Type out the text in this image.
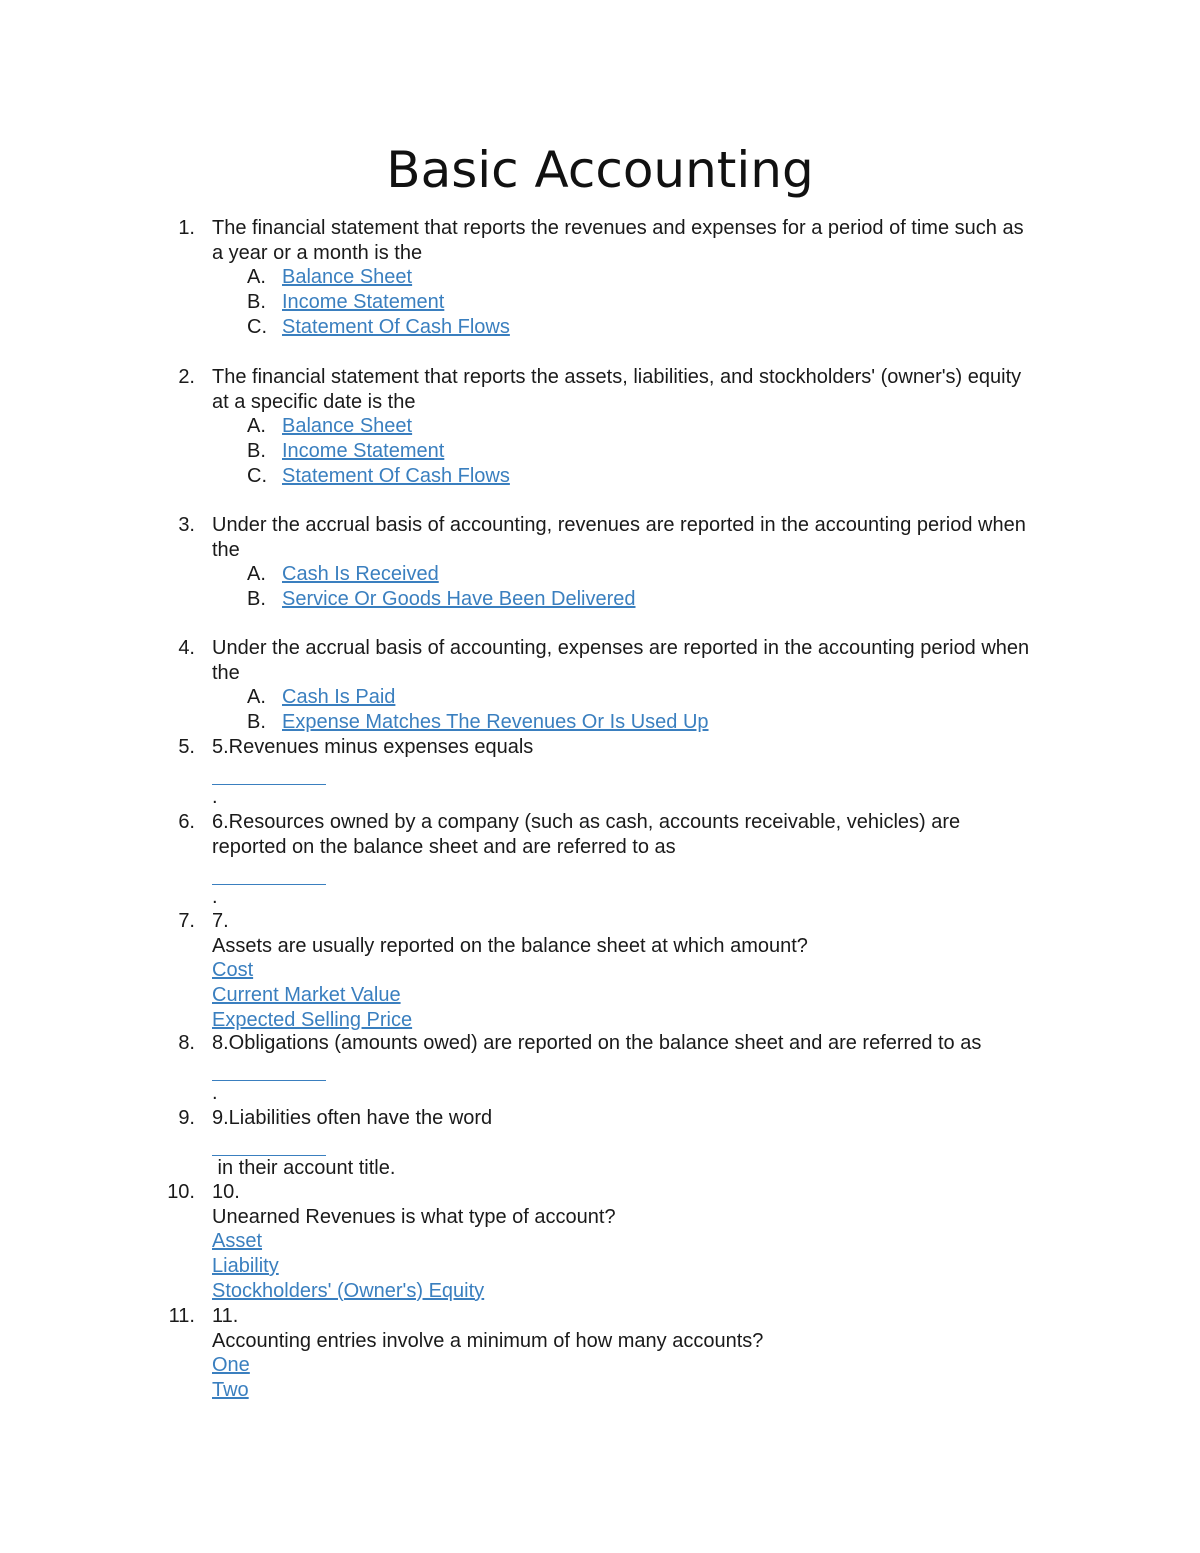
Basic Accounting
1. The financial statement that reports the revenues and expenses for a period of time such as
a year or a month is the
A. Balance Sheet
B. Income Statement
C. Statement Of Cash Flows
2. The financial statement that reports the assets, liabilities, and stockholders' (owner's) equity
at a specific date is the
A. Balance Sheet
B. Income Statement
C. Statement Of Cash Flows
3. Under the accrual basis of accounting, revenues are reported in the accounting period when
the
A. Cash Is Received
B. Service Or Goods Have Been Delivered
4. Under the accrual basis of accounting, expenses are reported in the accounting period when
the
A. Cash Is Paid
B. Expense Matches The Revenues Or Is Used Up
5. 5.Revenues minus expenses equals
.
6. 6.Resources owned by a company (such as cash, accounts receivable, vehicles) are
reported on the balance sheet and are referred to as
.
7. 7.
Assets are usually reported on the balance sheet at which amount?
Cost
Current Market Value
Expected Selling Price
8. 8.Obligations (amounts owed) are reported on the balance sheet and are referred to as
.
9. 9.Liabilities often have the word
in their account title.
10. 10.
Unearned Revenues is what type of account?
Asset
Liability
Stockholders' (Owner's) Equity
11. 11.
Accounting entries involve a minimum of how many accounts?
One
Two
